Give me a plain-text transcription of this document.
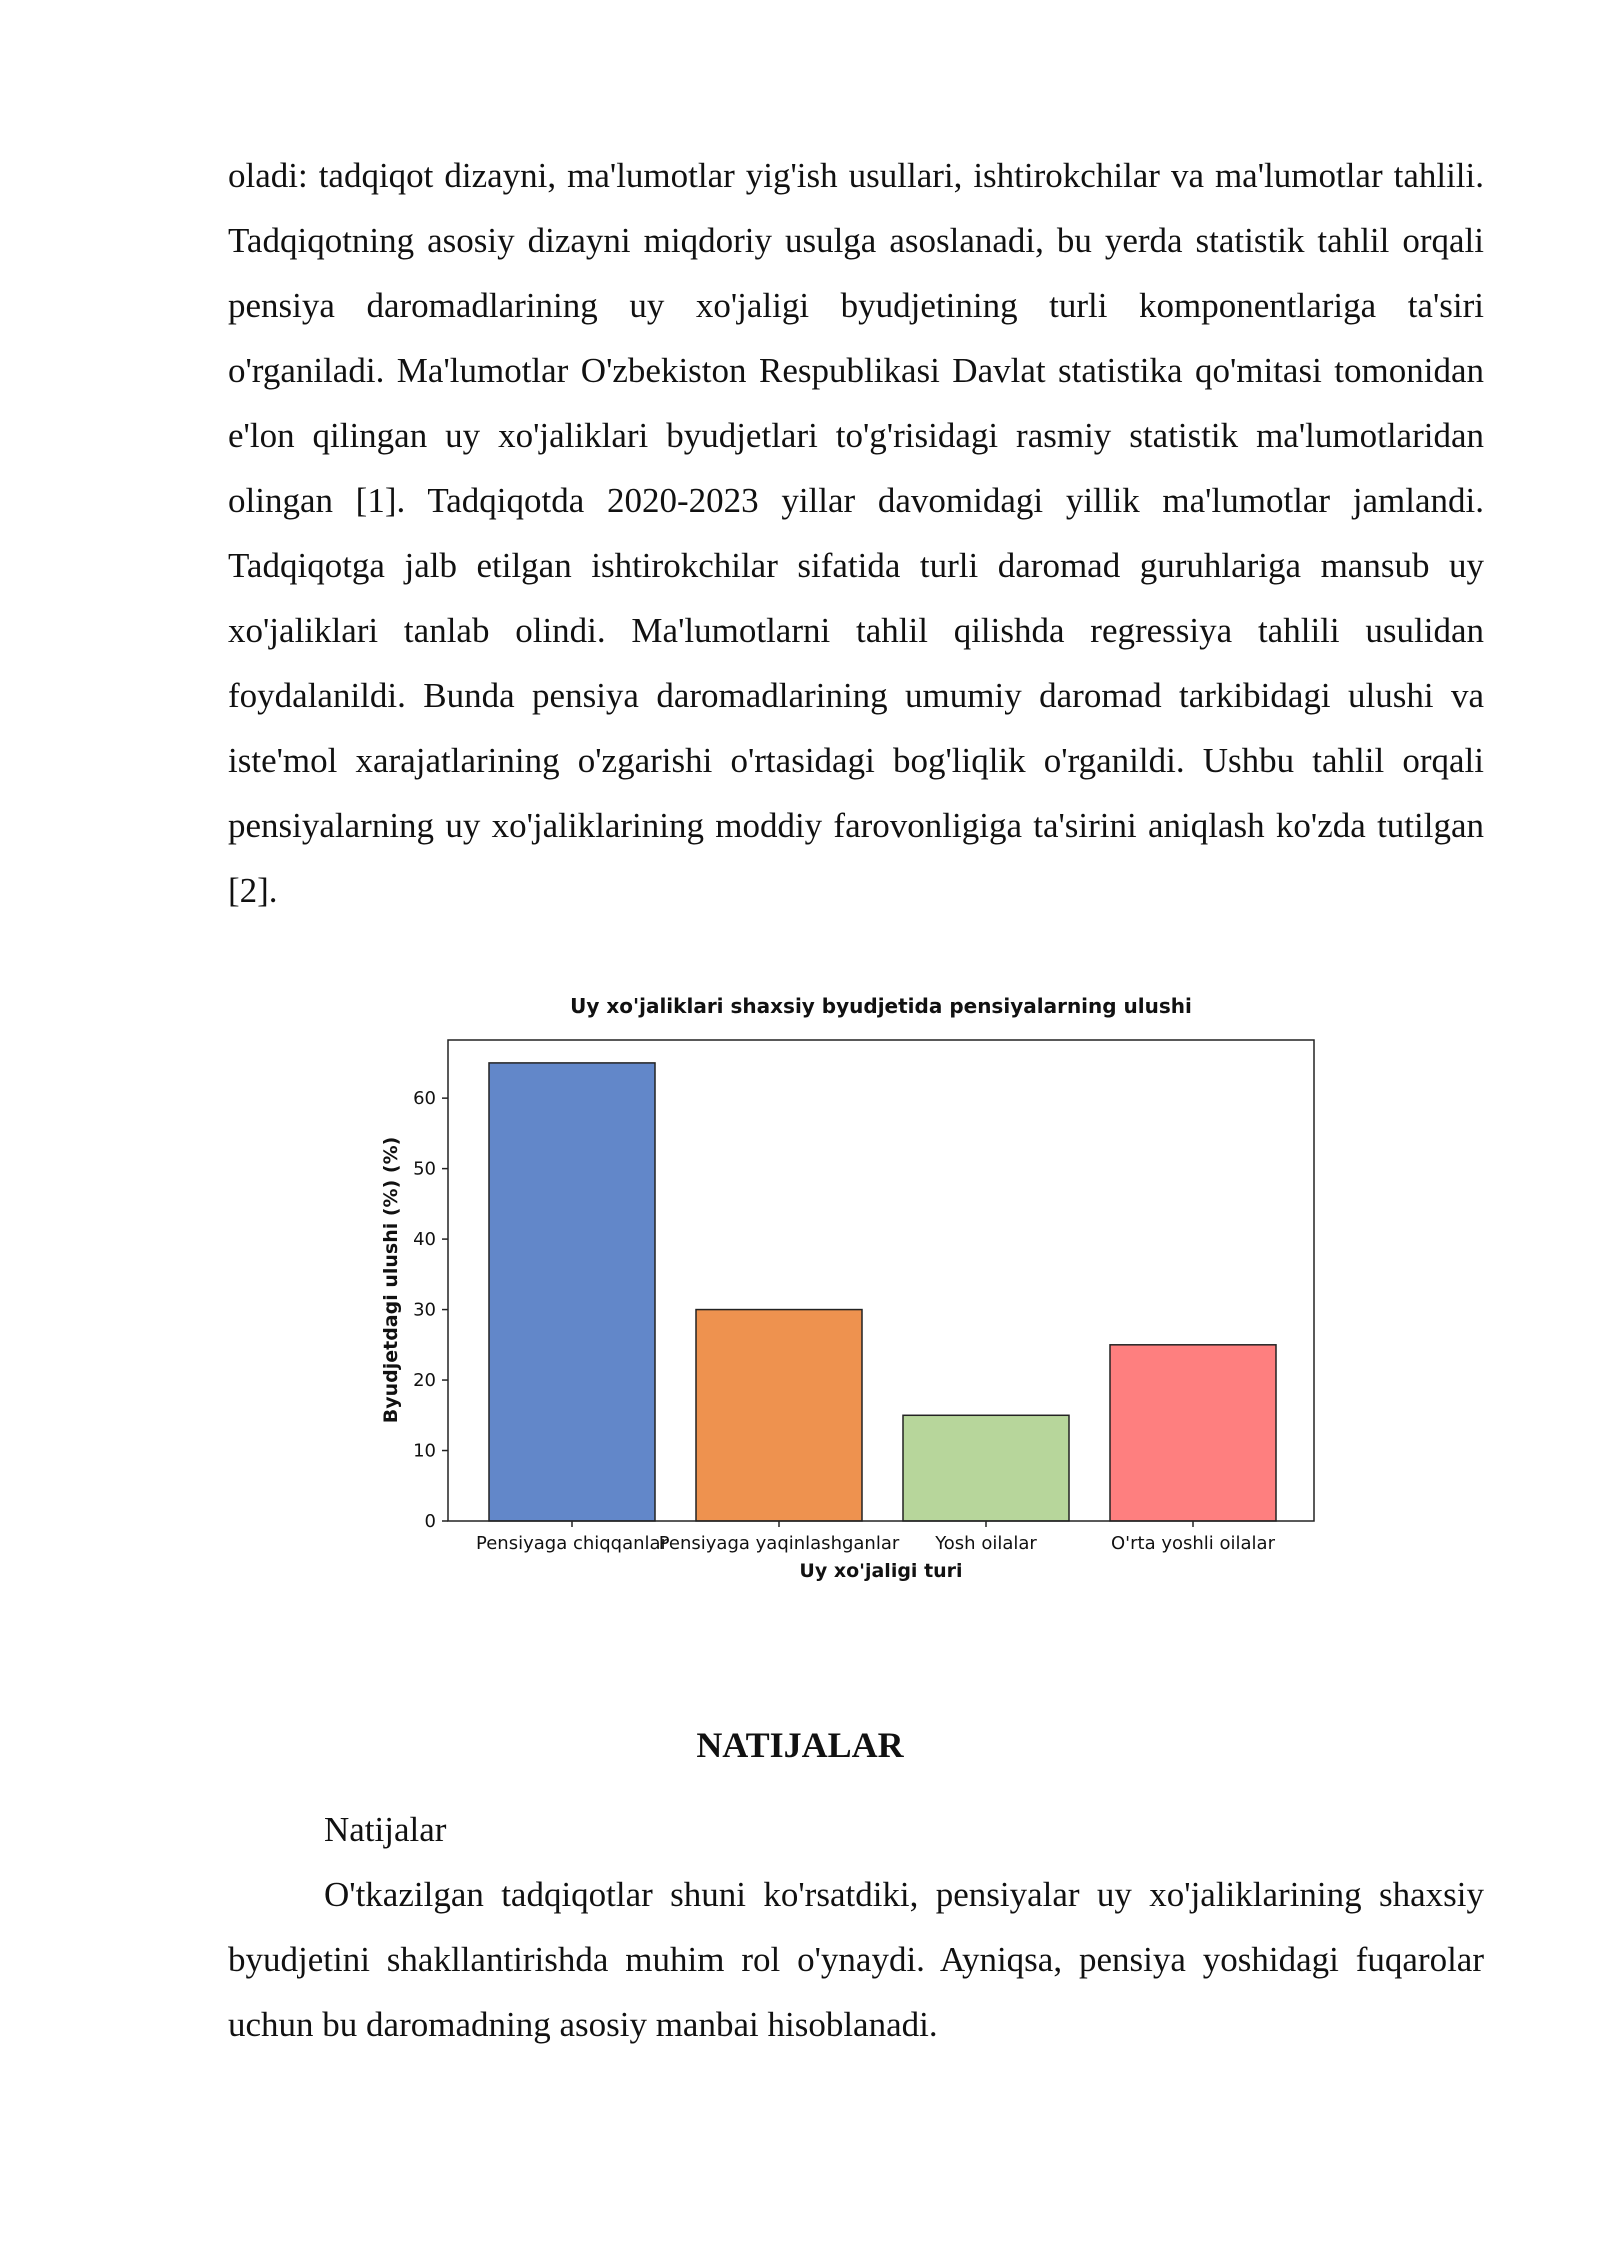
oladi: tadqiqot dizayni, ma'lumotlar yig'ish usullari, ishtirokchilar va ma'lumotlar tahlili. Tadqiqotning asosiy dizayni miqdoriy usulga asoslanadi, bu yerda statistik tahlil orqali pensiya daromadlarining uy xo'jaligi byudjetining turli komponentlariga ta'siri o'rganiladi. Ma'lumotlar O'zbekiston Respublikasi Davlat statistika qo'mitasi tomonidan e'lon qilingan uy xo'jaliklari byudjetlari to'g'risidagi rasmiy statistik ma'lumotlaridan olingan [1]. Tadqiqotda 2020-2023 yillar davomidagi yillik ma'lumotlar jamlandi. Tadqiqotga jalb etilgan ishtirokchilar sifatida turli daromad guruhlariga mansub uy xo'jaliklari tanlab olindi. Ma'lumotlarni tahlil qilishda regressiya tahlili usulidan foydalanildi. Bunda pensiya daromadlarining umumiy daromad tarkibidagi ulushi va iste'mol xarajatlarining o'zgarishi o'rtasidagi bog'liqlik o'rganildi. Ushbu tahlil orqali pensiyalarning uy xo'jaliklarining moddiy farovonligiga ta'sirini aniqlash ko'zda tutilgan [2].

Uy xo'jaliklari shaxsiy byudjetida pensiyalarning ulushi
0
10
20
30
40
50
60
Pensiyaga chiqqanlar
Pensiyaga yaqinlashganlar Yosh oilalar	O'rta yoshli oilalar
Uy xo'jaligi turi
Byudjetdagi ulushi (%) (%)
NATIJALAR

Natijalar

O'tkazilgan tadqiqotlar shuni ko'rsatdiki, pensiyalar uy xo'jaliklarining shaxsiy byudjetini shakllantirishda muhim rol o'ynaydi. Ayniqsa, pensiya yoshidagi fuqarolar uchun bu daromadning asosiy manbai hisoblanadi.
